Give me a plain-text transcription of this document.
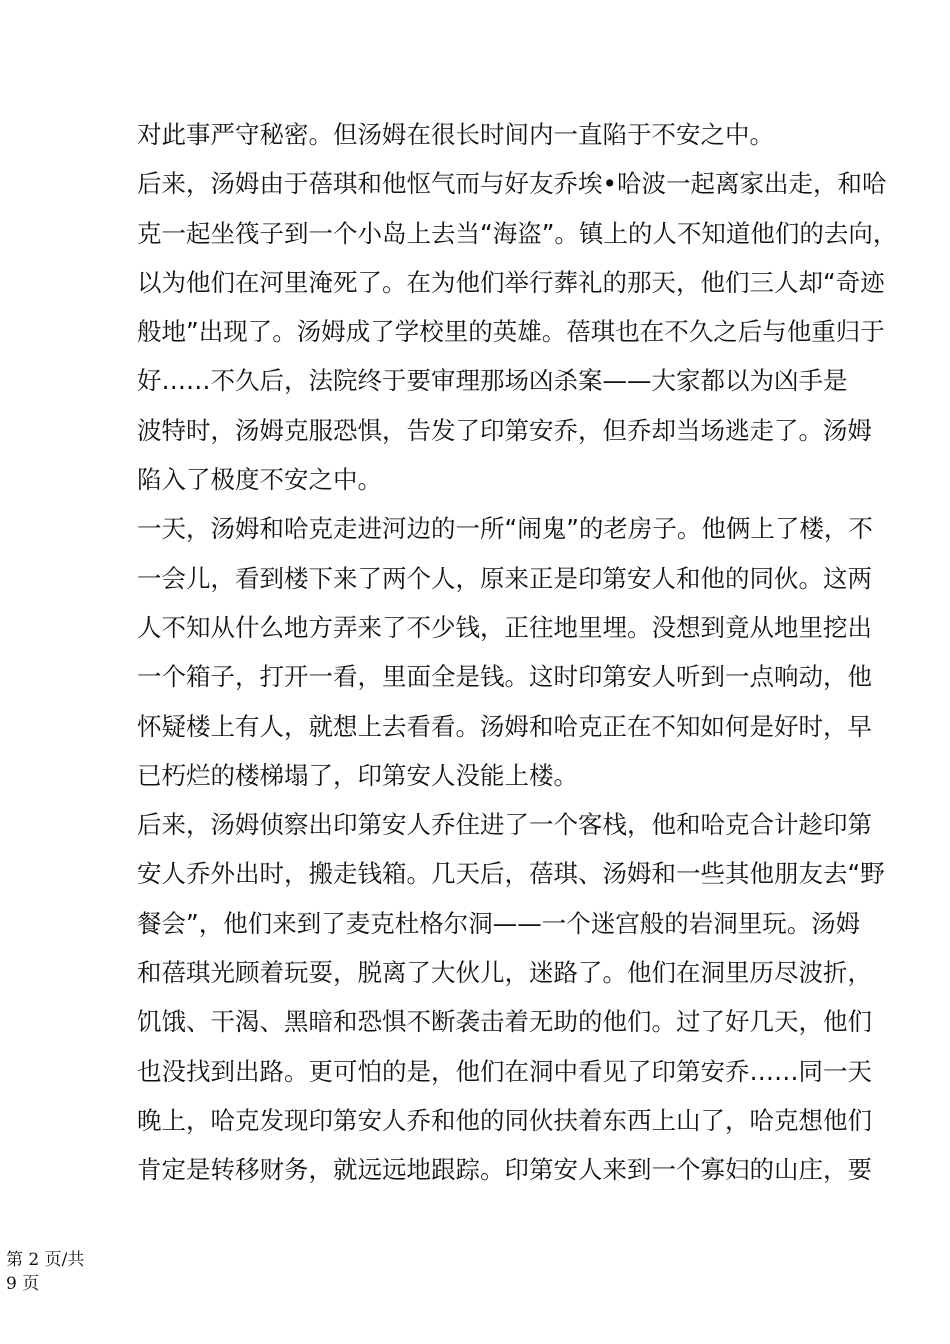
对此事严守秘密。但汤姆在很长时间内一直陷于不安之中。
后来，汤姆由于蓓琪和他怄气而与好友乔埃•哈波一起离家出走，和哈
克一起坐筏子到一个小岛上去当“海盗”。镇上的人不知道他们的去向，
以为他们在河里淹死了。在为他们举行葬礼的那天，他们三人却“奇迹
般地”出现了。汤姆成了学校里的英雄。蓓琪也在不久之后与他重归于
好……不久后，法院终于要审理那场凶杀案——大家都以为凶手是
波特时，汤姆克服恐惧，告发了印第安乔，但乔却当场逃走了。汤姆
陷入了极度不安之中。
一天，汤姆和哈克走进河边的一所“闹鬼”的老房子。他俩上了楼，不
一会儿，看到楼下来了两个人，原来正是印第安人和他的同伙。这两
人不知从什么地方弄来了不少钱，正往地里埋。没想到竟从地里挖出
一个箱子，打开一看，里面全是钱。这时印第安人听到一点响动，他
怀疑楼上有人，就想上去看看。汤姆和哈克正在不知如何是好时，早
已朽烂的楼梯塌了，印第安人没能上楼。
后来，汤姆侦察出印第安人乔住进了一个客栈，他和哈克合计趁印第
安人乔外出时，搬走钱箱。几天后，蓓琪、汤姆和一些其他朋友去“野
餐会”，他们来到了麦克杜格尔洞——一个迷宫般的岩洞里玩。汤姆
和蓓琪光顾着玩耍，脱离了大伙儿，迷路了。他们在洞里历尽波折，
饥饿、干渴、黑暗和恐惧不断袭击着无助的他们。过了好几天，他们
也没找到出路。更可怕的是，他们在洞中看见了印第安乔……同一天
晚上，哈克发现印第安人乔和他的同伙扶着东西上山了，哈克想他们
肯定是转移财务，就远远地跟踪。印第安人来到一个寡妇的山庄，要
第 2 页/共
9 页
